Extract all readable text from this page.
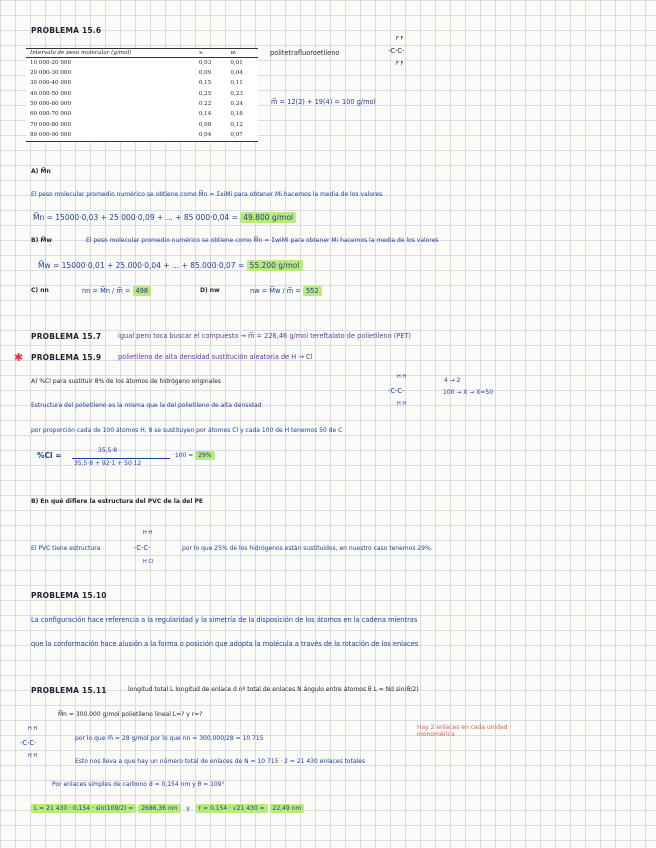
PROBLEMA 15.6
Intervalo de peso molecular (g/mol)	xᵢ	wᵢ
10 000-20 000	0,03	0,01
20 000-30 000	0,09	0,04
30 000-40 000	0,15	0,11
40 000-50 000	0,25	0,23
50 000-60 000	0,22	0,24
60 000-70 000	0,14	0,18
70 000-80 000	0,08	0,12
80 000-90 000	0,04	0,07
politetrafluoroetileno
F F
-C-C-
F F
m̅ = 12(2) + 19(4) = 100 g/mol
A) M̅n
El peso molecular promedio numérico se obtiene como M̅n = ΣxiMi para obtener Mi hacemos la media de los valores
M̅n = 15000·0,03 + 25 000·0,09 + ... + 85 000·0,04 = 49.800 g/mol
B) M̅w	El peso molecular promedio numérico se obtiene como M̅n = ΣwiMi para obtener Mi hacemos la media de los valores
M̅w = 15000·0,01 + 25.000·0,04 + ... + 85.000·0,07 = 55.200 g/mol
C) nn	nn = M̅n / m̅ = 498	D) nw	nw = M̅w / m̅ = 552
PROBLEMA 15.7	igual pero toca buscar el compuesto → m̅ = 226,46 g/mol tereftalato de polietileno (PET)
✱ PROBLEMA 15.9	polietileno de alta densidad sustitución aleatoria de H → Cl
A) %Cl para sustituir 8% de los átomos de hidrógeno originales
H H
-C-C-
H H
4 → 2
100 → X → X=50
Estructura del polietileno es la misma que la del polietileno de alta densidad
por proporción cada de 100 átomos H, 8 se sustituyen por átomos Cl y cada 100 de H tenemos 50 de C
%Cl =
35,5·8
35,5·8 + 92·1 + 50·12
·100 = 29%
B) En qué difiere la estructura del PVC de la del PE
El PVC tiene estructura
H H
-C-C-
H Cl
por lo que 25% de los hidrógenos están sustituidos, en nuestro caso tenemos 29%.
PROBLEMA 15.10
La configuración hace referencia a la regularidad y la simetría de la disposición de los átomos en la cadena mientras
que la conformación hace alusión a la forma o posición que adopta la molécula a través de la rotación de los enlaces
PROBLEMA 15.11	longitud total L longitud de enlace d nº total de enlaces N ángulo entre átomos θ L = Nd sin(θ/2)
M̅n = 300.000 g/mol polietileno lineal L=? y r=?
H H
-C-C-
H H
por lo que m̅ = 28 g/mol por lo que nn = 300.000/28 = 10 715
Hay 2 enlaces en cada unidad monomérica
Esto nos lleva a que hay un número total de enlaces de N = 10 715 · 2 = 21 430 enlaces totales
Por enlaces simples de carbono d = 0,154 nm y θ = 109°
L = 21 430 · 0,154 · sin(109/2) = 2686,36 nm y r = 0,154 · √21 430 = 22,49 nm
